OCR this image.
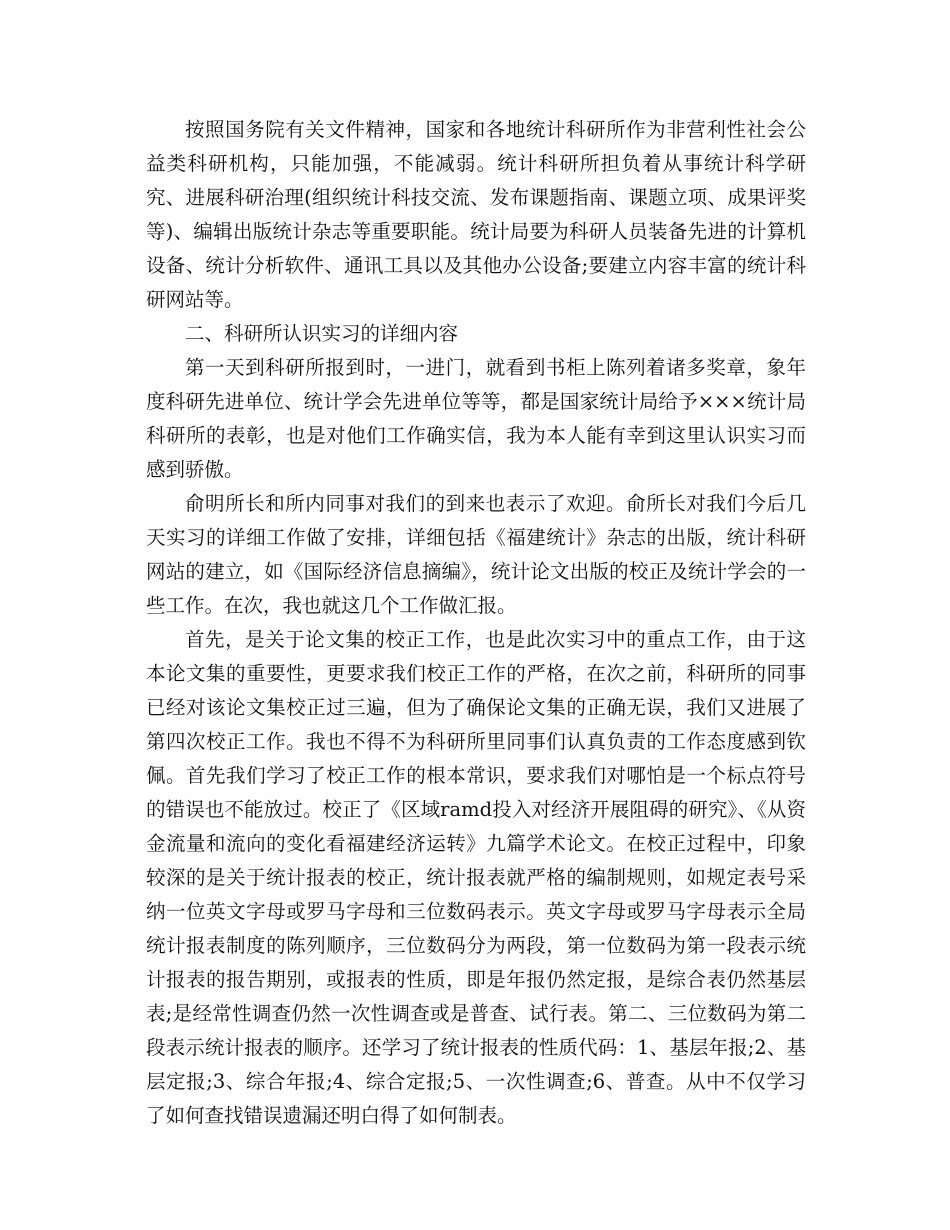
按照国务院有关文件精神，国家和各地统计科研所作为非营利性社会公益类科研机构，只能加强，不能减弱。统计科研所担负着从事统计科学研究、进展科研治理(组织统计科技交流、发布课题指南、课题立项、成果评奖等)、编辑出版统计杂志等重要职能。统计局要为科研人员装备先进的计算机设备、统计分析软件、通讯工具以及其他办公设备;要建立内容丰富的统计科研网站等。

二、科研所认识实习的详细内容

第一天到科研所报到时，一进门，就看到书柜上陈列着诸多奖章，象年度科研先进单位、统计学会先进单位等等，都是国家统计局给予×××统计局科研所的表彰，也是对他们工作确实信，我为本人能有幸到这里认识实习而感到骄傲。

俞明所长和所内同事对我们的到来也表示了欢迎。俞所长对我们今后几天实习的详细工作做了安排，详细包括《福建统计》杂志的出版，统计科研网站的建立，如《国际经济信息摘编》，统计论文出版的校正及统计学会的一些工作。在次，我也就这几个工作做汇报。

首先，是关于论文集的校正工作，也是此次实习中的重点工作，由于这本论文集的重要性，更要求我们校正工作的严格，在次之前，科研所的同事已经对该论文集校正过三遍，但为了确保论文集的正确无误，我们又进展了第四次校正工作。我也不得不为科研所里同事们认真负责的工作态度感到钦佩。首先我们学习了校正工作的根本常识，要求我们对哪怕是一个标点符号的错误也不能放过。校正了《区域ramd投入对经济开展阻碍的研究》、《从资金流量和流向的变化看福建经济运转》九篇学术论文。在校正过程中，印象较深的是关于统计报表的校正，统计报表就严格的编制规则，如规定表号采纳一位英文字母或罗马字母和三位数码表示。英文字母或罗马字母表示全局统计报表制度的陈列顺序，三位数码分为两段，第一位数码为第一段表示统计报表的报告期别，或报表的性质，即是年报仍然定报，是综合表仍然基层表;是经常性调查仍然一次性调查或是普查、试行表。第二、三位数码为第二段表示统计报表的顺序。还学习了统计报表的性质代码：1、基层年报;2、基层定报;3、综合年报;4、综合定报;5、一次性调查;6、普查。从中不仅学习了如何查找错误遗漏还明白得了如何制表。
